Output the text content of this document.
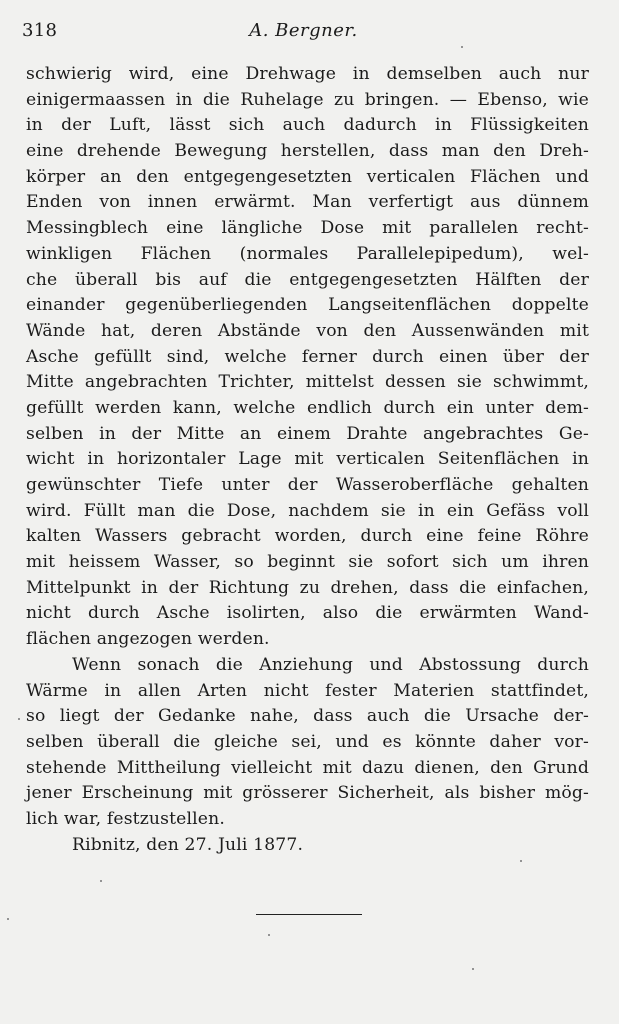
318	A. Bergner.
schwierig wird, eine Drehwage in demselben auch nur
einigermaassen in die Ruhelage zu bringen. — Ebenso, wie
in der Luft, lässt sich auch dadurch in Flüssigkeiten
eine drehende Bewegung herstellen, dass man den Dreh-
körper an den entgegengesetzten verticalen Flächen und
Enden von innen erwärmt. Man verfertigt aus dünnem
Messingblech eine längliche Dose mit parallelen recht-
winkligen Flächen (normales Parallelepipedum), wel-
che überall bis auf die entgegengesetzten Hälften der
einander gegenüberliegenden Langseitenflächen doppelte
Wände hat, deren Abstände von den Aussenwänden mit
Asche gefüllt sind, welche ferner durch einen über der
Mitte angebrachten Trichter, mittelst dessen sie schwimmt,
gefüllt werden kann, welche endlich durch ein unter dem-
selben in der Mitte an einem Drahte angebrachtes Ge-
wicht in horizontaler Lage mit verticalen Seitenflächen in
gewünschter Tiefe unter der Wasseroberfläche gehalten
wird. Füllt man die Dose, nachdem sie in ein Gefäss voll
kalten Wassers gebracht worden, durch eine feine Röhre
mit heissem Wasser, so beginnt sie sofort sich um ihren
Mittelpunkt in der Richtung zu drehen, dass die einfachen,
nicht durch Asche isolirten, also die erwärmten Wand-
flächen angezogen werden.
Wenn sonach die Anziehung und Abstossung durch
Wärme in allen Arten nicht fester Materien stattfindet,
so liegt der Gedanke nahe, dass auch die Ursache der-
selben überall die gleiche sei, und es könnte daher vor-
stehende Mittheilung vielleicht mit dazu dienen, den Grund
jener Erscheinung mit grösserer Sicherheit, als bisher mög-
lich war, festzustellen.
Ribnitz, den 27. Juli 1877.
